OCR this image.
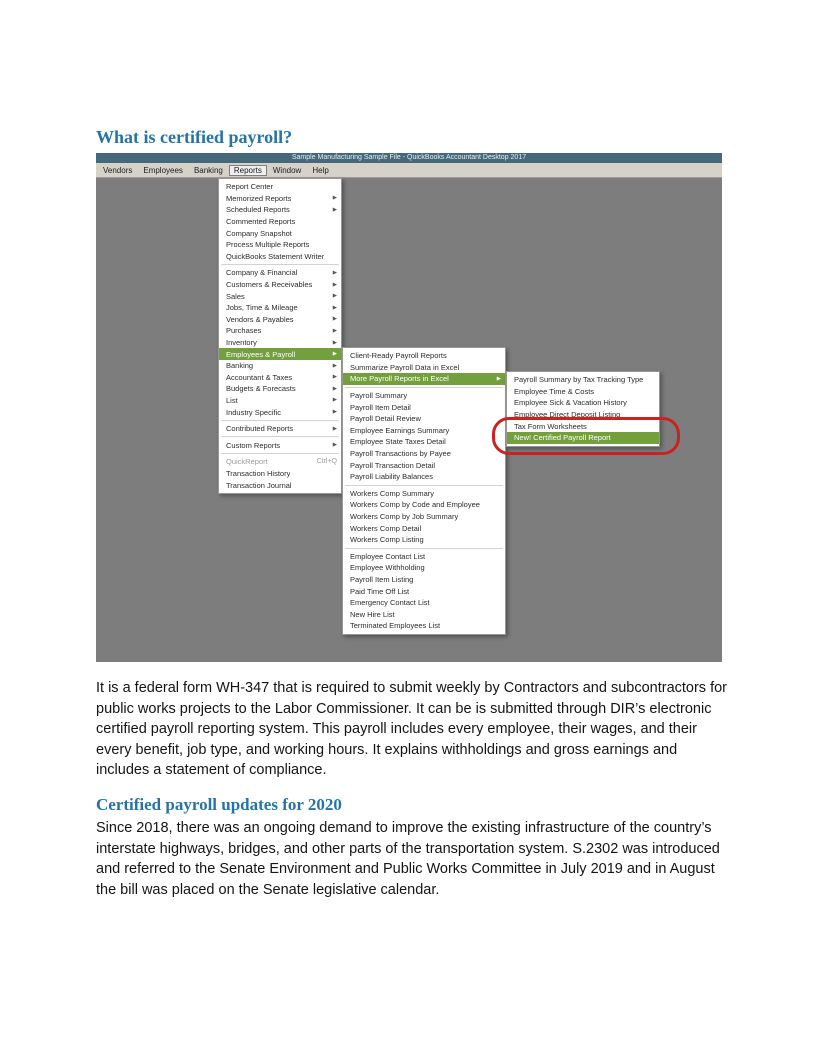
What is certified payroll?
Sample Manufacturing Sample File - QuickBooks Accountant Desktop 2017
Vendors	Employees	Banking	Reports	Window	Help
Report Center
Memorized Reports	▶
Scheduled Reports	▶
Commented Reports
Company Snapshot
Process Multiple Reports
QuickBooks Statement Writer
Company & Financial	▶
Customers & Receivables	▶
Sales	▶
Jobs, Time & Mileage	▶
Vendors & Payables	▶
Purchases	▶
Inventory	▶
Employees & Payroll	▶
Banking	▶
Accountant & Taxes	▶
Budgets & Forecasts	▶
List	▶
Industry Specific	▶
Contributed Reports	▶
Custom Reports	▶
QuickReport	Ctrl+Q
Transaction History
Transaction Journal
Client-Ready Payroll Reports
Summarize Payroll Data in Excel
More Payroll Reports in Excel	▶
Payroll Summary
Payroll Item Detail
Payroll Detail Review
Employee Earnings Summary
Employee State Taxes Detail
Payroll Transactions by Payee
Payroll Transaction Detail
Payroll Liability Balances
Workers Comp Summary
Workers Comp by Code and Employee
Workers Comp by Job Summary
Workers Comp Detail
Workers Comp Listing
Employee Contact List
Employee Withholding
Payroll Item Listing
Paid Time Off List
Emergency Contact List
New Hire List
Terminated Employees List
Payroll Summary by Tax Tracking Type
Employee Time & Costs
Employee Sick & Vacation History
Employee Direct Deposit Listing
Tax Form Worksheets
New! Certified Payroll Report
It is a federal form WH-347 that is required to submit weekly by Contractors and subcontractors for public works projects to the Labor Commissioner. It can be is submitted through DIR’s electronic certified payroll reporting system. This payroll includes every employee, their wages, and their every benefit, job type, and working hours. It explains withholdings and gross earnings and includes a statement of compliance.
Certified payroll updates for 2020
Since 2018, there was an ongoing demand to improve the existing infrastructure of the country’s interstate highways, bridges, and other parts of the transportation system. S.2302 was introduced and referred to the Senate Environment and Public Works Committee in July 2019 and in August the bill was placed on the Senate legislative calendar.
